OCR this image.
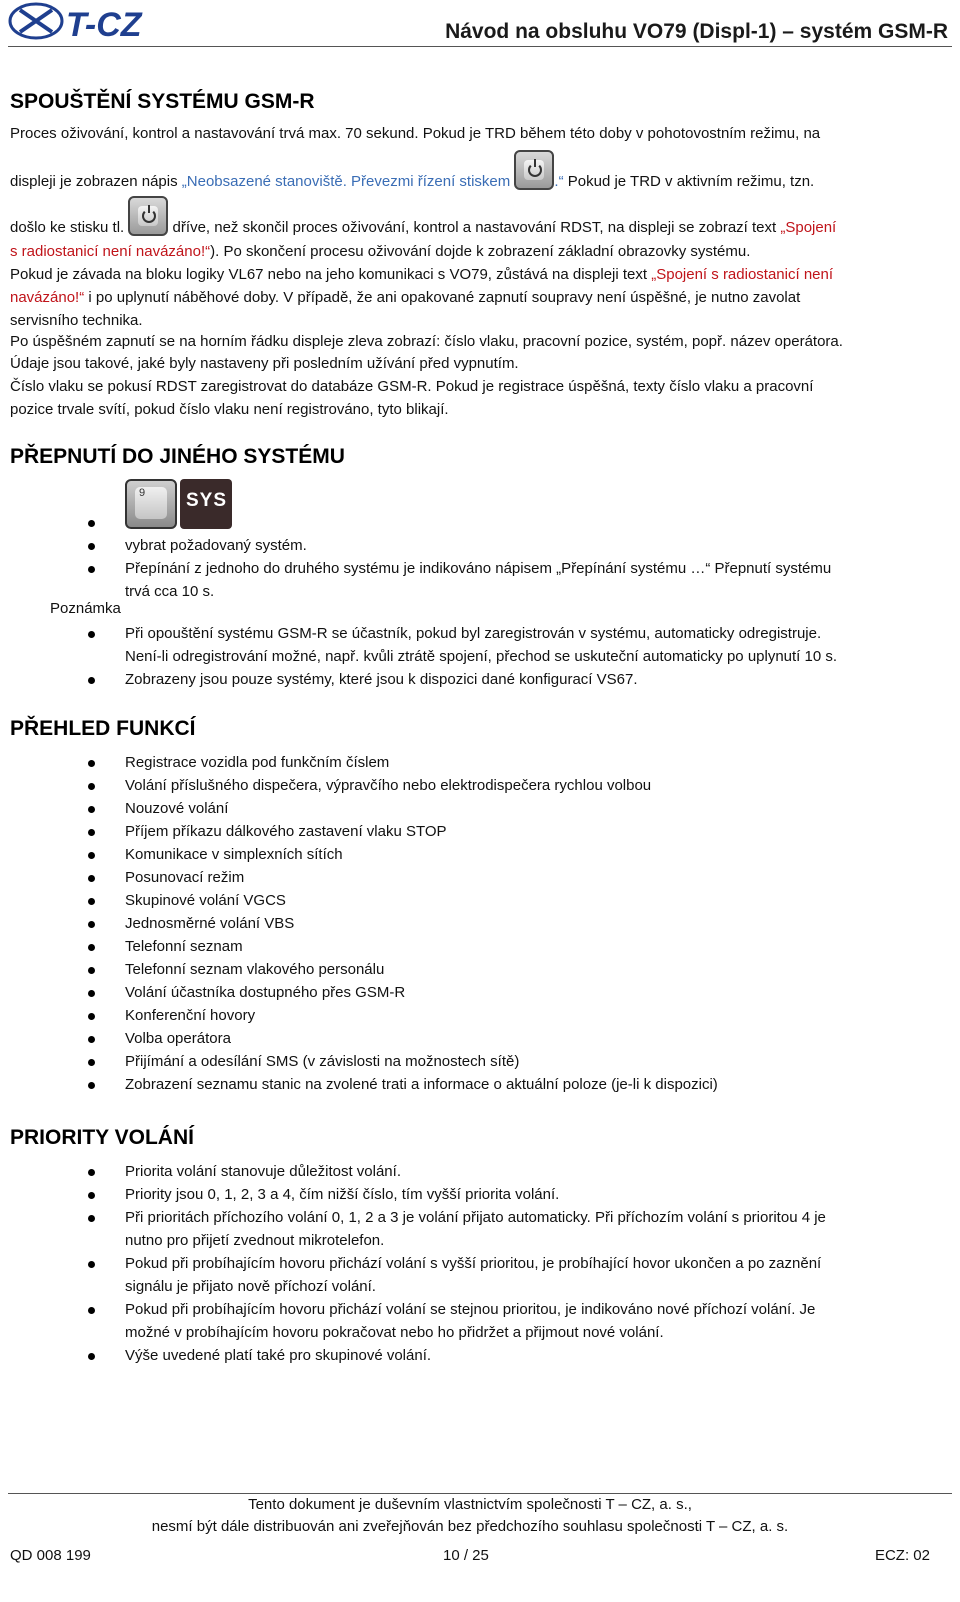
T-CZ	Návod na obsluhu VO79 (Displ-1) – systém GSM-R
SPOUŠTĚNÍ SYSTÉMU GSM-R

Proces oživování, kontrol a nastavování trvá max. 70 sekund. Pokud je TRD během této doby v pohotovostním režimu, na

displeji je zobrazen nápis „Neobsazené stanoviště. Převezmi řízení stiskem	.“ Pokud je TRD v aktivním režimu, tzn.

došlo ke stisku tl.	dříve, než skončil proces oživování, kontrol a nastavování RDST, na displeji se zobrazí text „Spojení

s radiostanicí není navázáno!“). Po skončení procesu oživování dojde k zobrazení základní obrazovky systému.

Pokud je závada na bloku logiky VL67 nebo na jeho komunikaci s VO79, zůstává na displeji text „Spojení s radiostanicí není

navázáno!“ i po uplynutí náběhové doby. V případě, že ani opakované zapnutí soupravy není úspěšné, je nutno zavolat

servisního technika.

Po úspěšném zapnutí se na horním řádku displeje zleva zobrazí: číslo vlaku, pracovní pozice, systém, popř. název operátora.

Údaje jsou takové, jaké byly nastaveny při posledním užívání před vypnutím.

Číslo vlaku se pokusí RDST zaregistrovat do databáze GSM-R. Pokud je registrace úspěšná, texty číslo vlaku a pracovní

pozice trvale svítí, pokud číslo vlaku není registrováno, tyto blikají.

PŘEPNUTÍ DO JINÉHO SYSTÉMU
9 SYS

vybrat požadovaný systém.
Přepínání z jednoho do druhého systému je indikováno nápisem „Přepínání systému …“ Přepnutí systému
trvá cca 10 s.
Poznámka
Při opouštění systému GSM-R se účastník, pokud byl zaregistrován v systému, automaticky odregistruje.
Není-li odregistrování možné, např. kvůli ztrátě spojení, přechod se uskuteční automaticky po uplynutí 10 s.
Zobrazeny jsou pouze systémy, které jsou k dispozici dané konfigurací VS67.
PŘEHLED FUNKCÍ
Registrace vozidla pod funkčním číslem
Volání příslušného dispečera, výpravčího nebo elektrodispečera rychlou volbou
Nouzové volání
Příjem příkazu dálkového zastavení vlaku STOP
Komunikace v simplexních sítích
Posunovací režim
Skupinové volání VGCS
Jednosměrné volání VBS
Telefonní seznam
Telefonní seznam vlakového personálu
Volání účastníka dostupného přes GSM-R
Konferenční hovory
Volba operátora
Přijímání a odesílání SMS (v závislosti na možnostech sítě)
Zobrazení seznamu stanic na zvolené trati a informace o aktuální poloze (je-li k dispozici)
PRIORITY VOLÁNÍ
Priorita volání stanovuje důležitost volání.
Priority jsou 0, 1, 2, 3 a 4, čím nižší číslo, tím vyšší priorita volání.
Při prioritách příchozího volání 0, 1, 2 a 3 je volání přijato automaticky. Při příchozím volání s prioritou 4 je
nutno pro přijetí zvednout mikrotelefon.
Pokud při probíhajícím hovoru přichází volání s vyšší prioritou, je probíhající hovor ukončen a po zaznění
signálu je přijato nově příchozí volání.
Pokud při probíhajícím hovoru přichází volání se stejnou prioritou, je indikováno nové příchozí volání. Je
možné v probíhajícím hovoru pokračovat nebo ho přidržet a přijmout nové volání.
Výše uvedené platí také pro skupinové volání.
Tento dokument je duševním vlastnictvím společnosti T – CZ, a. s.,
nesmí být dále distribuován ani zveřejňován bez předchozího souhlasu společnosti T – CZ, a. s.
QD 008 199	10 / 25	ECZ: 02
